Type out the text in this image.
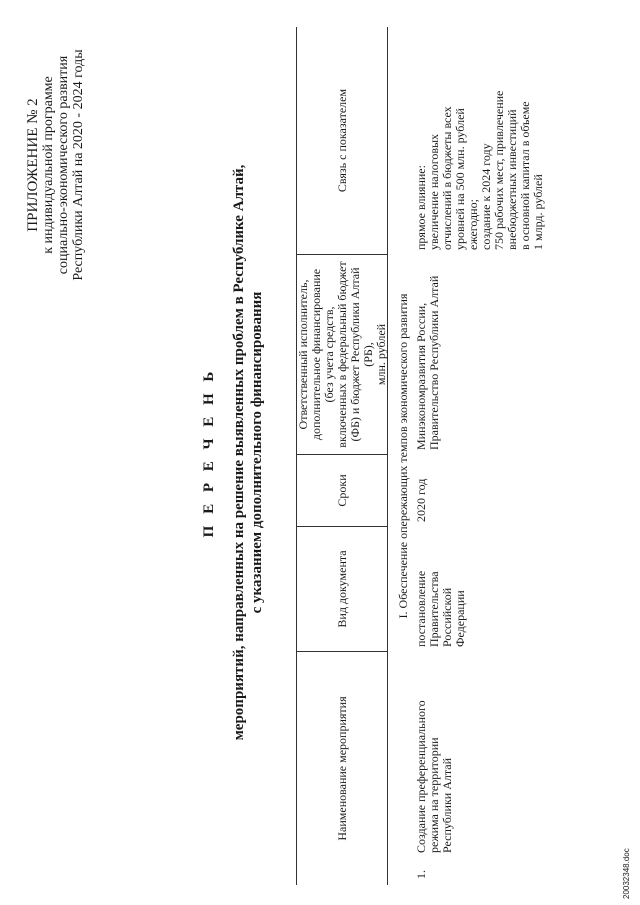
ПРИЛОЖЕНИЕ № 2 к индивидуальной программе социально-экономического развития Республики Алтай на 2020 - 2024 годы
П Е Р Е Ч Е Н Ь мероприятий, направленных на решение выявленных проблем в Республике Алтай, с указанием дополнительного финансирования
Наименование мероприятия
Вид документа
Сроки
Ответственный исполнитель,
дополнительное финансирование
(без учета средств,
включенных в федеральный бюджет
(ФБ) и бюджет Республики Алтай (РБ),
млн. рублей
Связь с показателем
I. Обеспечение опережающих темпов экономического развития
1.
Создание преференциального
режима на территории
Республики Алтай
постановление
Правительства
Российской
Федерации
2020 год
Минэкономразвития России,
Правительство Республики Алтай
прямое влияние:
увеличение налоговых
отчислений в бюджеты всех
уровней на 500 млн. рублей
ежегодно;
создание к 2024 году
750 рабочих мест, привлечение
внебюджетных инвестиций
в основной капитал в объеме
1 млрд. рублей
20032348.doc
